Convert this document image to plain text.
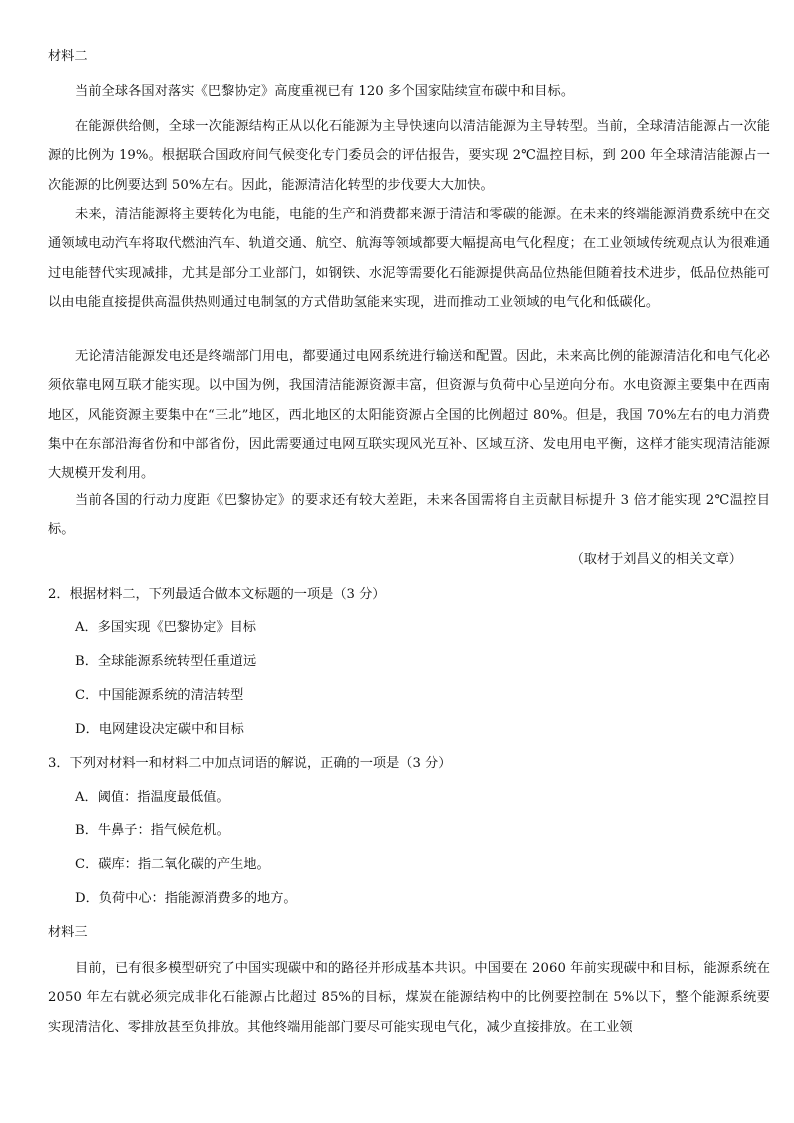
材料二
当前全球各国对落实《巴黎协定》高度重视已有 120 多个国家陆续宣布碳中和目标。
在能源供给侧，全球一次能源结构正从以化石能源为主导快速向以清洁能源为主导转型。当前，全球清洁能源占一次能源的比例为 19%。根据联合国政府间气候变化专门委员会的评估报告，要实现 2℃温控目标，到 200 年全球清洁能源占一次能源的比例要达到 50%左右。因此，能源清洁化转型的步伐要大大加快。
未来，清洁能源将主要转化为电能，电能的生产和消费都来源于清洁和零碳的能源。在未来的终端能源消费系统中在交通领域电动汽车将取代燃油汽车、轨道交通、航空、航海等领域都要大幅提高电气化程度；在工业领域传统观点认为很难通过电能替代实现减排，尤其是部分工业部门，如钢铁、水泥等需要化石能源提供高品位热能但随着技术进步，低品位热能可以由电能直接提供高温供热则通过电制氢的方式借助氢能来实现，进而推动工业领域的电气化和低碳化。
无论清洁能源发电还是终端部门用电，都要通过电网系统进行输送和配置。因此，未来高比例的能源清洁化和电气化必须依靠电网互联才能实现。以中国为例，我国清洁能源资源丰富，但资源与负荷中心呈逆向分布。水电资源主要集中在西南地区，风能资源主要集中在“三北”地区，西北地区的太阳能资源占全国的比例超过 80%。但是，我国 70%左右的电力消费集中在东部沿海省份和中部省份，因此需要通过电网互联实现风光互补、区域互济、发电用电平衡，这样才能实现清洁能源大规模开发利用。
当前各国的行动力度距《巴黎协定》的要求还有较大差距，未来各国需将自主贡献目标提升 3 倍才能实现 2℃温控目标。
（取材于刘昌义的相关文章）
2．根据材料二，下列最适合做本文标题的一项是（3 分）
A．多国实现《巴黎协定》目标
B．全球能源系统转型任重道远
C．中国能源系统的清洁转型
D．电网建设决定碳中和目标
3．下列对材料一和材料二中加点词语的解说，正确的一项是（3 分）
A．阈值：指温度最低值。
B．牛鼻子：指气候危机。
C．碳库：指二氧化碳的产生地。
D．负荷中心：指能源消费多的地方。
材料三
目前，已有很多模型研究了中国实现碳中和的路径并形成基本共识。中国要在 2060 年前实现碳中和目标，能源系统在 2050 年左右就必须完成非化石能源占比超过 85%的目标，煤炭在能源结构中的比例要控制在 5%以下，整个能源系统要实现清洁化、零排放甚至负排放。其他终端用能部门要尽可能实现电气化，减少直接排放。在工业领
